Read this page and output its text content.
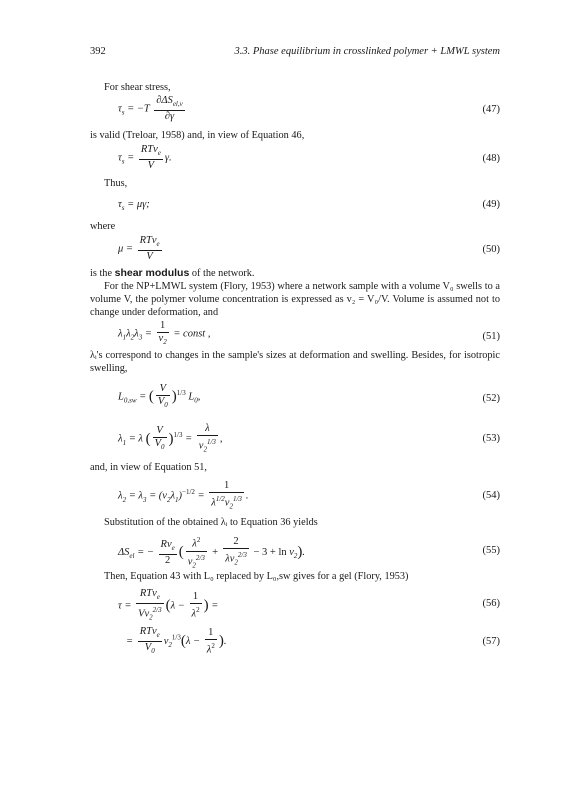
392	3.3. Phase equilibrium in crosslinked polymer + LMWL system
For shear stress,
$\tau_s = -T \frac{\partial\Delta S_{el,\nu}}{\partial\gamma}$	(47)
is valid (Treloar, 1958) and, in view of Equation 46,
$\tau_s = \frac{RT\nu_e}{V} \gamma$.	(48)
Thus,
$\tau_s = \mu\gamma$;	(49)
where
$\mu = \frac{RT\nu_e}{V}$	(50)
is the shear modulus of the network.
For the NP+LMWL system (Flory, 1953) where a network sample with a volume V₀ swells to a volume V, the polymer volume concentration is expressed as v₂ = V₀/V. Volume is assumed not to change under deformation, and
$\lambda_1\lambda_2\lambda_3 = \frac{1}{v_2}$ = const ,	(51)
λᵢ's correspond to changes in the sample's sizes at deformation and swelling. Besides, for isotropic swelling,
$L_{0,sw}$ = ( $\frac{V}{V_0} )^{1/3}$ $L_0$,	(52)
$\lambda_1 = \lambda$ ( $\frac{V}{V_0} )^{1/3} = \frac{\lambda}{v_2^{1/3}}$ ,	(53)
and, in view of Equation 51,
$\lambda_2 = \lambda_3 = (v_2\lambda_1)^{-1/2} = \frac{1}{\lambda^{1/2}v_2^{1/3}}$ .	(54)
Substitution of the obtained λᵢ to Equation 36 yields
$\Delta S_{el}$ = − $\frac{R\nu_e}{2}$ ( $\frac{\lambda^2}{v_2^{2/3}} + \frac{2}{\lambda v_2^{2/3}} - 3 + \ln v_2$).	(55)
Then, Equation 43 with L₀ replaced by L₀,sw gives for a gel (Flory, 1953)
$\tau = \frac{RT\nu_e}{Vv_2^{2/3}} (\lambda - \frac{1}{\lambda^2}$ ) =	(56)
= $\frac{RT\nu_e}{V_0} v_2^{1/3}(\lambda - \frac{1}{\lambda^2}$ ).	(57)
